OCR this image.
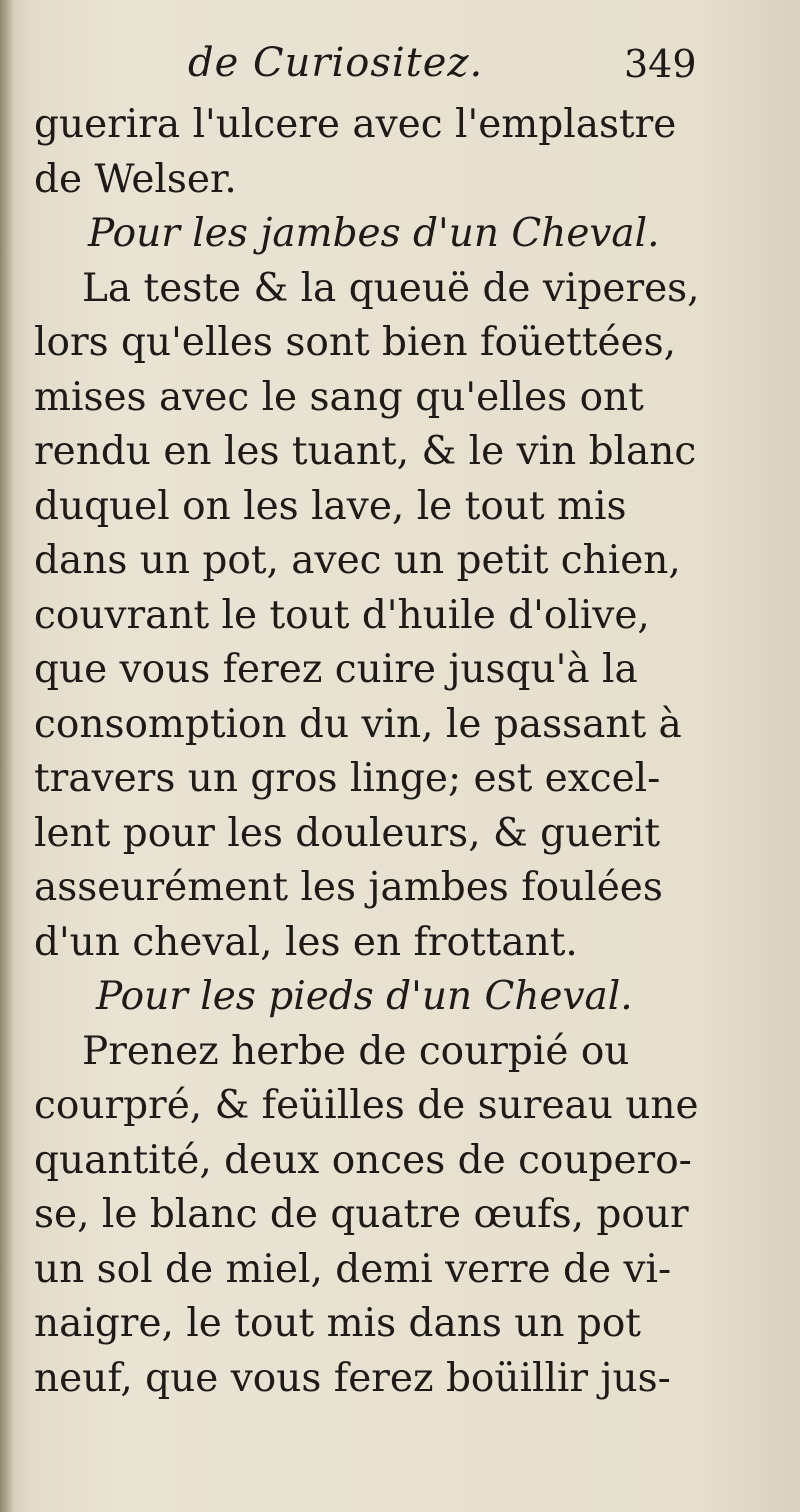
de Curiositez.	349
guerira l'ulcere avec l'emplastre
de Welser.
Pour les jambes d'un Cheval.
La teste & la queuë de viperes,
lors qu'elles sont bien foüettées,
mises avec le sang qu'elles ont
rendu en les tuant, & le vin blanc
duquel on les lave, le tout mis
dans un pot, avec un petit chien,
couvrant le tout d'huile d'olive,
que vous ferez cuire jusqu'à la
consomption du vin, le passant à
travers un gros linge; est excel-
lent pour les douleurs, & guerit
asseurément les jambes foulées
d'un cheval, les en frottant.
Pour les pieds d'un Cheval.
Prenez herbe de courpié ou
courpré, & feüilles de sureau une
quantité, deux onces de coupero-
se, le blanc de quatre œufs, pour
un sol de miel, demi verre de vi-
naigre, le tout mis dans un pot
neuf, que vous ferez boüillir jus-
